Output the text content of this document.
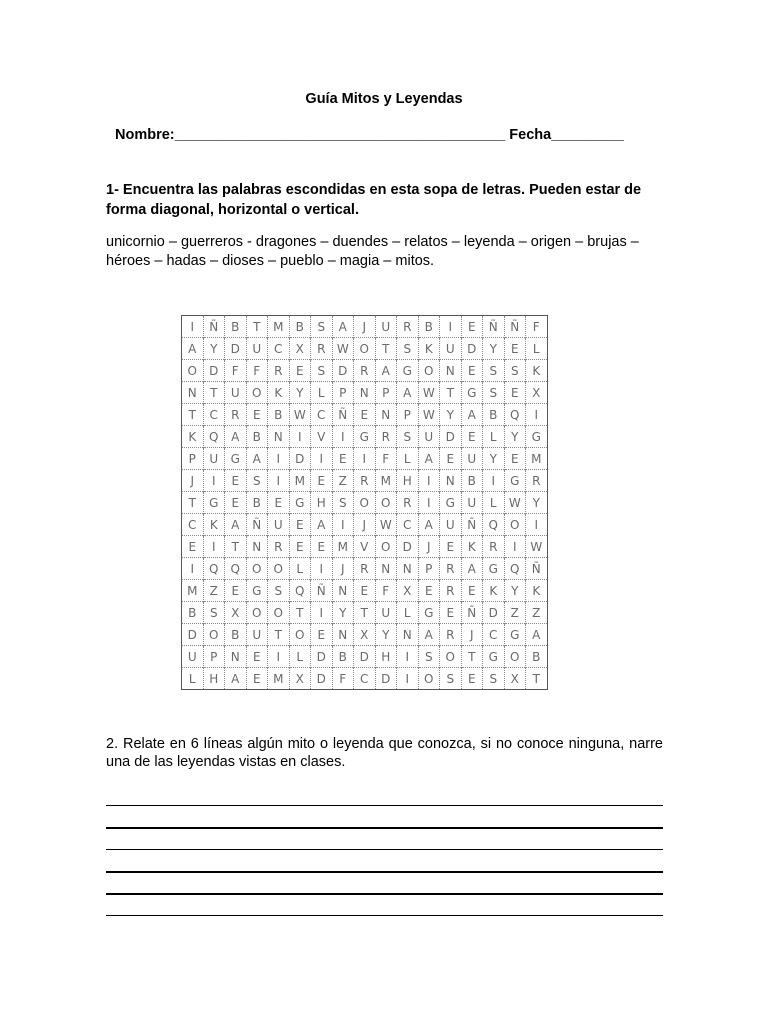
Guía Mitos y Leyendas
Nombre:_________________________________________ Fecha_________
1- Encuentra las palabras escondidas en esta sopa de letras. Pueden estar de forma diagonal, horizontal o vertical.
unicornio – guerreros - dragones – duendes – relatos – leyenda – origen – brujas – héroes – hadas – dioses – pueblo – magia – mitos.
I	Ñ	B	T	M	B	S	A	J	U	R	B	I	E	Ñ	Ñ	F
A	Y	D	U	C	X	R	W	O	T	S	K	U	D	Y	E	L
O	D	F	F	R	E	S	D	R	A	G	O	N	E	S	S	K
N	T	U	O	K	Y	L	P	N	P	A	W	T	G	S	E	X
T	C	R	E	B	W	C	Ñ	E	N	P	W	Y	A	B	Q	I
K	Q	A	B	N	I	V	I	G	R	S	U	D	E	L	Y	G
P	U	G	A	I	D	I	E	I	F	L	A	E	U	Y	E	M
J	I	E	S	I	M	E	Z	R	M	H	I	N	B	I	G	R
T	G	E	B	E	G	H	S	O	O	R	I	G	U	L	W	Y
C	K	A	Ñ	U	E	A	I	J	W	C	A	U	Ñ	Q	O	I
E	I	T	N	R	E	E	M	V	O	D	J	E	K	R	I	W
I	Q	Q	O	O	L	I	J	R	N	N	P	R	A	G	Q	Ñ
M	Z	E	G	S	Q	Ñ	N	E	F	X	E	R	E	K	Y	K
B	S	X	O	O	T	I	Y	T	U	L	G	E	Ñ	D	Z	Z
D	O	B	U	T	O	E	N	X	Y	N	A	R	J	C	G	A
U	P	N	E	I	L	D	B	D	H	I	S	O	T	G	O	B
L	H	A	E	M	X	D	F	C	D	I	O	S	E	S	X	T
2. Relate en 6 líneas algún mito o leyenda que conozca, si no conoce ninguna, narre una de las leyendas vistas en clases.
